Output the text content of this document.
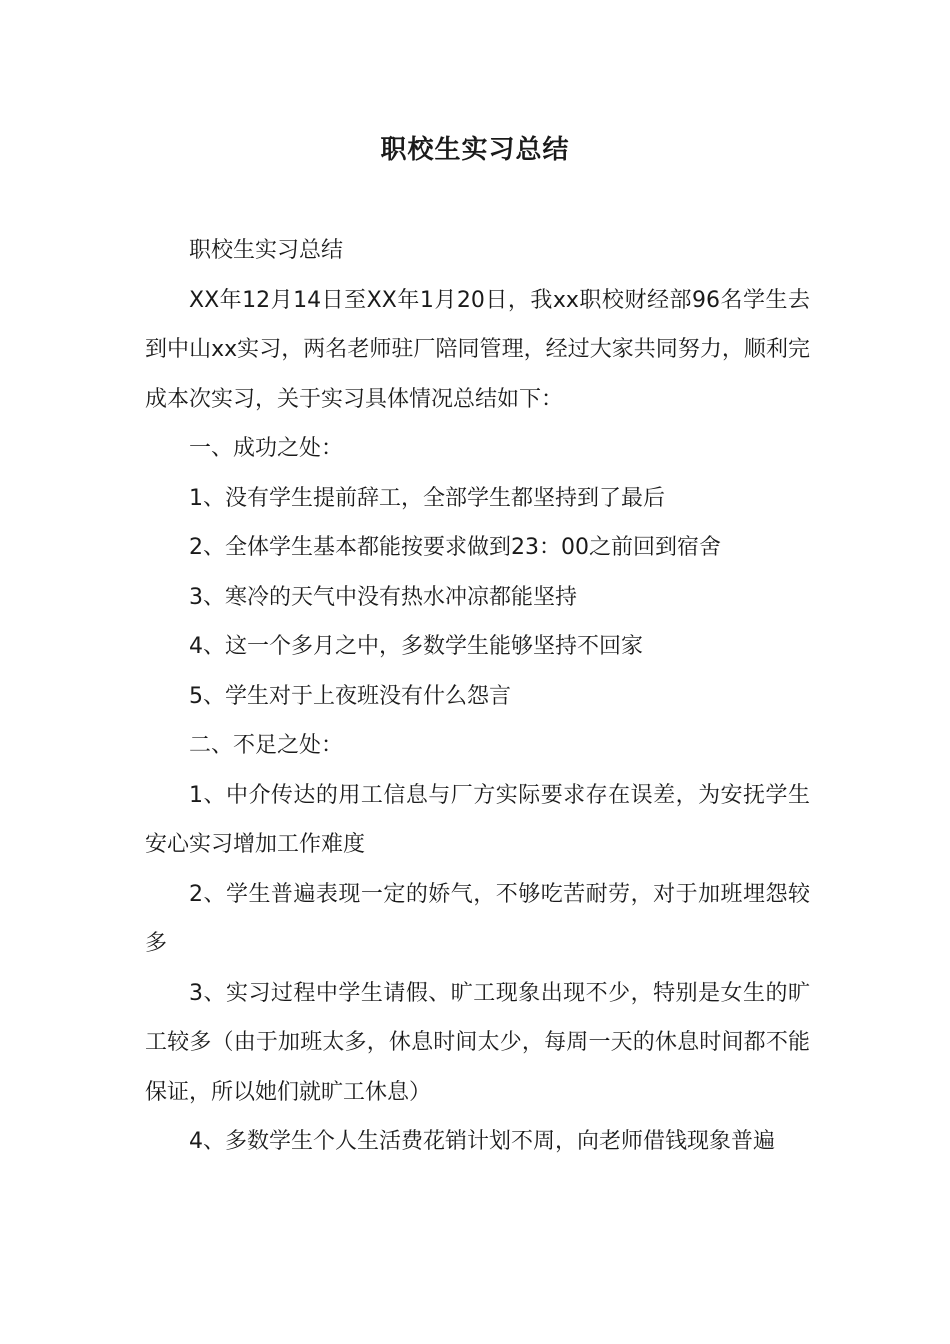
职校生实习总结

职校生实习总结

XX年12月14日至XX年1月20日，我xx职校财经部96名学生去到中山xx实习，两名老师驻厂陪同管理，经过大家共同努力，顺利完成本次实习，关于实习具体情况总结如下：

一、成功之处：

1、没有学生提前辞工，全部学生都坚持到了最后

2、全体学生基本都能按要求做到23：00之前回到宿舍

3、寒冷的天气中没有热水冲凉都能坚持

4、这一个多月之中，多数学生能够坚持不回家

5、学生对于上夜班没有什么怨言

二、不足之处：

1、中介传达的用工信息与厂方实际要求存在误差，为安抚学生安心实习增加工作难度

2、学生普遍表现一定的娇气，不够吃苦耐劳，对于加班埋怨较多

3、实习过程中学生请假、旷工现象出现不少，特别是女生的旷工较多（由于加班太多，休息时间太少，每周一天的休息时间都不能保证，所以她们就旷工休息）

4、多数学生个人生活费花销计划不周，向老师借钱现象普遍
